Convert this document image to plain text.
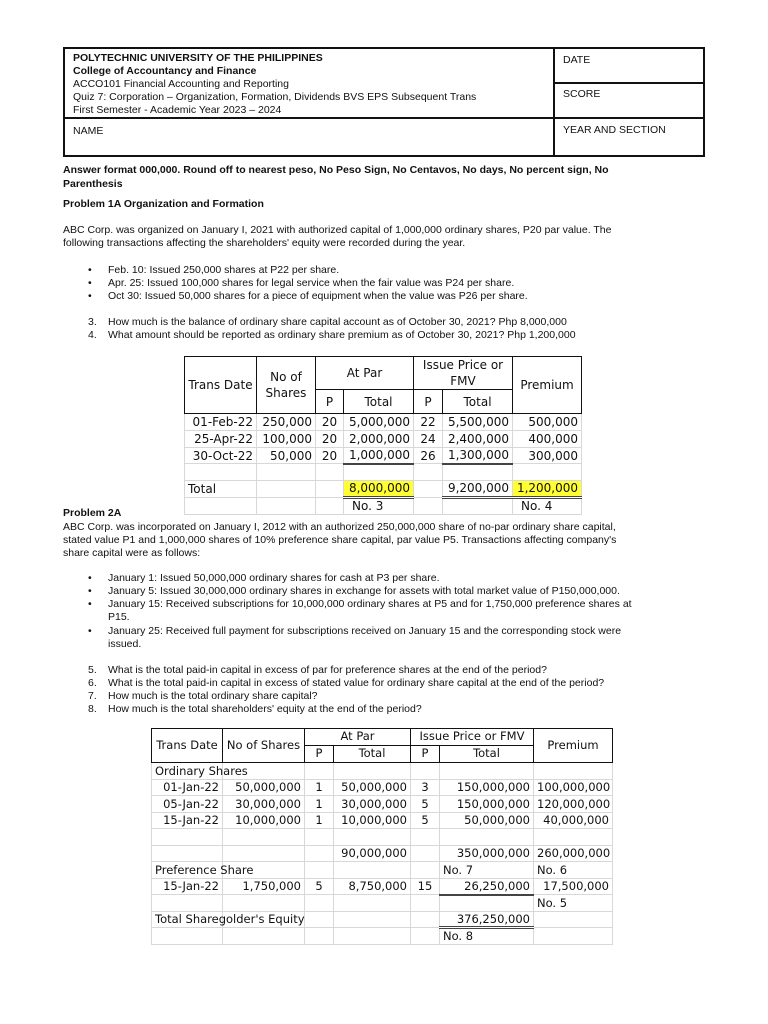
POLYTECHNIC UNIVERSITY OF THE PHILIPPINES
College of Accountancy and Finance
ACCO101 Financial Accounting and Reporting
Quiz 7: Corporation – Organization, Formation, Dividends BVS EPS Subsequent Trans
First Semester - Academic Year 2023 – 2024
NAME
DATE
SCORE
YEAR AND SECTION
Answer format 000,000. Round off to nearest peso, No Peso Sign, No Centavos, No days, No percent sign, No
Parenthesis
Problem 1A Organization and Formation
ABC Corp. was organized on January I, 2021 with authorized capital of 1,000,000 ordinary shares, P20 par value. The
following transactions affecting the shareholders' equity were recorded during the year.
Trans Date	No of Shares	At Par		Issue Price or FMV		Premium
		P	Total	P	Total	
01-Feb-22	250,000	20	5,000,000	22	5,500,000	500,000
25-Apr-22	100,000	20	2,000,000	24	2,400,000	400,000
30-Oct-22	50,000	20	1,000,000	26	1,300,000	300,000

Total			8,000,000		9,200,000	1,200,000
			No. 3			No. 4
Problem 2A
ABC Corp. was incorporated on January I, 2012 with an authorized 250,000,000 share of no-par ordinary share capital,
stated value P1 and 1,000,000 shares of 10% preference share capital, par value P5. Transactions affecting company's
share capital were as follows:
Trans Date	No of Shares	At Par		Issue Price or FMV		Premium
		P	Total	P	Total	
Ordinary Shares						
01-Jan-22	50,000,000	1	50,000,000	3	150,000,000	100,000,000
05-Jan-22	30,000,000	1	30,000,000	5	150,000,000	120,000,000
15-Jan-22	10,000,000	1	10,000,000	5	50,000,000	40,000,000

			90,000,000		350,000,000	260,000,000
Preference Share					No. 7	No. 6
15-Jan-22	1,750,000	5	8,750,000	15	26,250,000	17,500,000
						No. 5
Total Sharegolder's Equity					376,250,000	
					No. 8	
• Feb. 10: Issued 250,000 shares at P22 per share.
• Apr. 25: Issued 100,000 shares for legal service when the fair value was P24 per share.
• Oct 30: Issued 50,000 shares for a piece of equipment when the value was P26 per share.
• January 1: Issued 50,000,000 ordinary shares for cash at P3 per share.
• January 5: Issued 30,000,000 ordinary shares in exchange for assets with total market value of P150,000,000.
• January 15: Received subscriptions for 10,000,000 ordinary shares at P5 and for 1,750,000 preference shares at
P15.
• January 25: Received full payment for subscriptions received on January 15 and the corresponding stock were
issued.
3. How much is the balance of ordinary share capital account as of October 30, 2021? Php 8,000,000
4. What amount should be reported as ordinary share premium as of October 30, 2021? Php 1,200,000
5. What is the total paid-in capital in excess of par for preference shares at the end of the period?
6. What is the total paid-in capital in excess of stated value for ordinary share capital at the end of the period?
7. How much is the total ordinary share capital?
8. How much is the total shareholders' equity at the end of the period?
